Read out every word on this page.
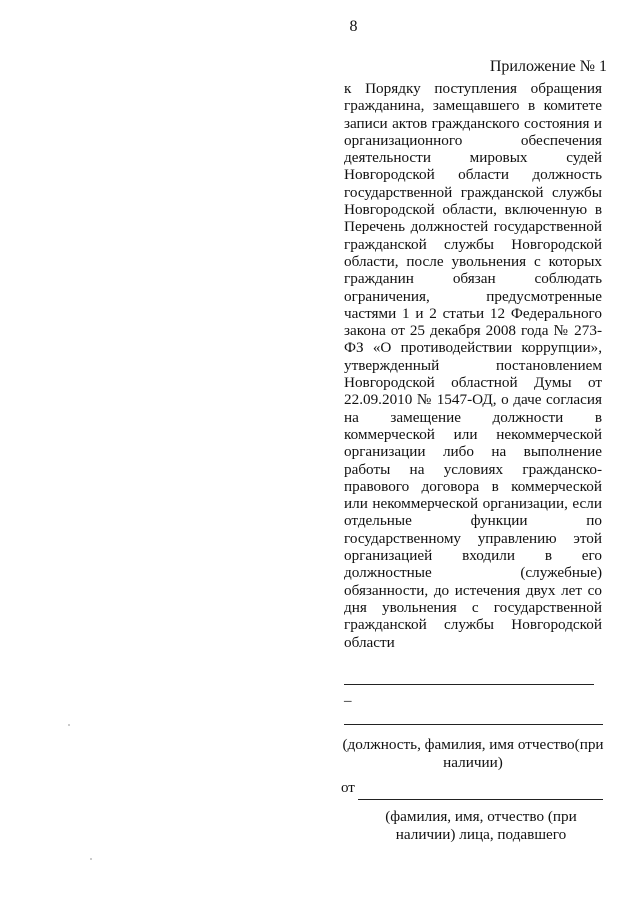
8
Приложение № 1
к Порядку поступления обращения гражданина, замещавшего в комитете записи актов гражданского состояния и организационного обеспечения деятельности мировых судей Новгородской области должность государственной гражданской службы Новгородской области, включенную в Перечень должностей государственной гражданской службы Новгородской области, после увольнения с которых гражданин обязан соблюдать ограничения, предусмотренные частями 1 и 2 статьи 12 Федерального закона от 25 декабря 2008 года № 273-ФЗ «О противодействии коррупции», утвержденный постановлением Новгородской областной Думы от 22.09.2010 № 1547-ОД, о даче согласия на замещение должности в коммерческой или некоммерческой организации либо на выполнение работы на условиях гражданско-правового договора в коммерческой или некоммерческой организации, если отдельные функции по государственному управлению этой организацией входили в его должностные (служебные) обязанности, до истечения двух лет со дня увольнения с государственной гражданской службы Новгородской области
–
(должность, фамилия, имя отчество(при наличии)
от
(фамилия, имя, отчество (при наличии) лица, подавшего
